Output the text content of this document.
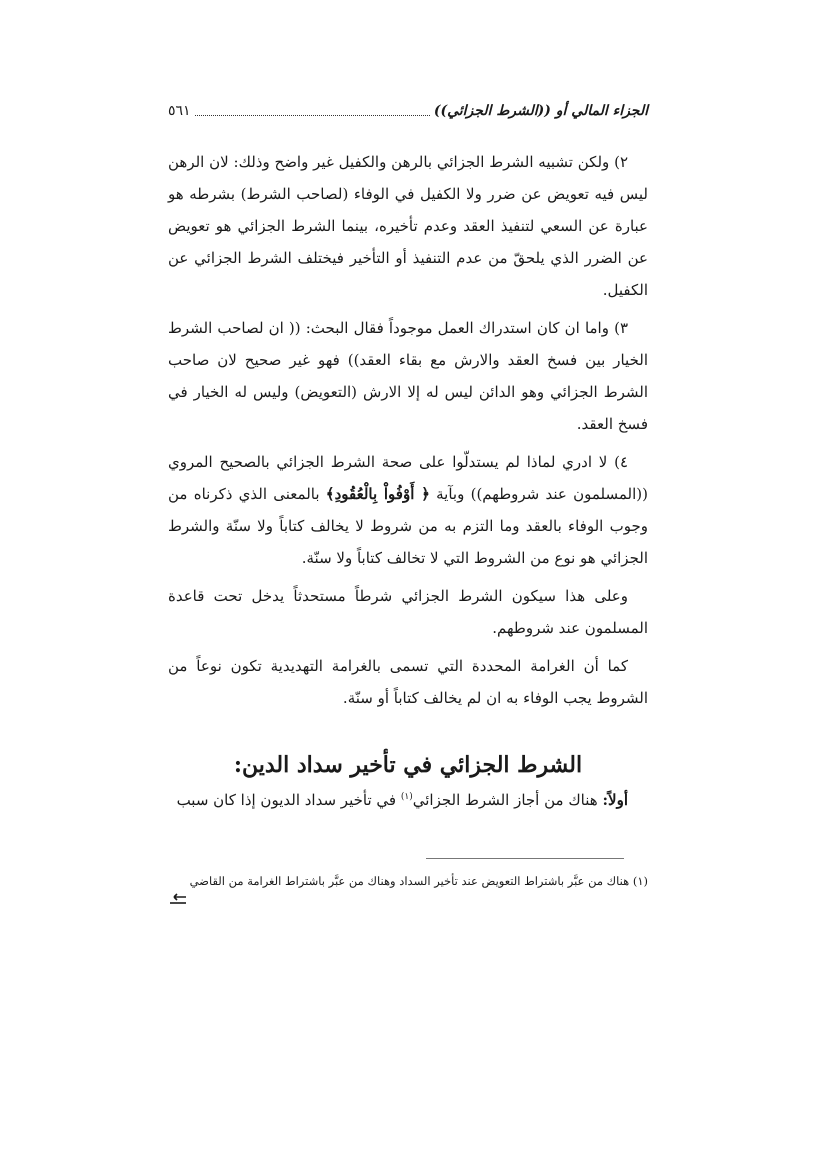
الجزاء المالي أو ((الشرط الجزائي))
٥٦١

٢) ولكن تشبيه الشرط الجزائي بالرهن والكفيل غير واضح وذلك: لان الرهن ليس فيه تعويض عن ضرر ولا الكفيل في الوفاء (لصاحب الشرط) بشرطه هو عبارة عن السعي لتنفيذ العقد وعدم تأخيره، بينما الشرط الجزائي هو تعويض عن الضرر الذي يلحقّ من عدم التنفيذ أو التأخير فيختلف الشرط الجزائي عن الكفيل.

٣) واما ان كان استدراك العمل موجوداً فقال البحث: (( ان لصاحب الشرط الخيار بين فسخ العقد والارش مع بقاء العقد)) فهو غير صحيح لان صاحب الشرط الجزائي وهو الدائن ليس له إلا الارش (التعويض) وليس له الخيار في فسخ العقد.

٤) لا ادري لماذا لم يستدلّوا على صحة الشرط الجزائي بالصحيح المروي ((المسلمون عند شروطهم)) وبآية ﴿ أَوْفُواْ بِالْعُقُودِ﴾ بالمعنى الذي ذكرناه من وجوب الوفاء بالعقد وما التزم به من شروط لا يخالف كتاباً ولا سنّة والشرط الجزائي هو نوع من الشروط التي لا تخالف كتاباً ولا سنّة.

وعلى هذا سيكون الشرط الجزائي شرطاً مستحدثاً يدخل تحت قاعدة المسلمون عند شروطهم.

كما أن الغرامة المحددة التي تسمى بالغرامة التهديدية تكون نوعاً من الشروط يجب الوفاء به ان لم يخالف كتاباً أو سنّة.

الشرط الجزائي في تأخير سداد الدين:

أولاً: هناك من أجاز الشرط الجزائي$^{(١)}$ في تأخير سداد الديون إذا كان سبب

(١) هناك من عبَّر باشتراط التعويض عند تأخير السداد وهناك من عبَّر باشتراط الغرامة من القاضي
